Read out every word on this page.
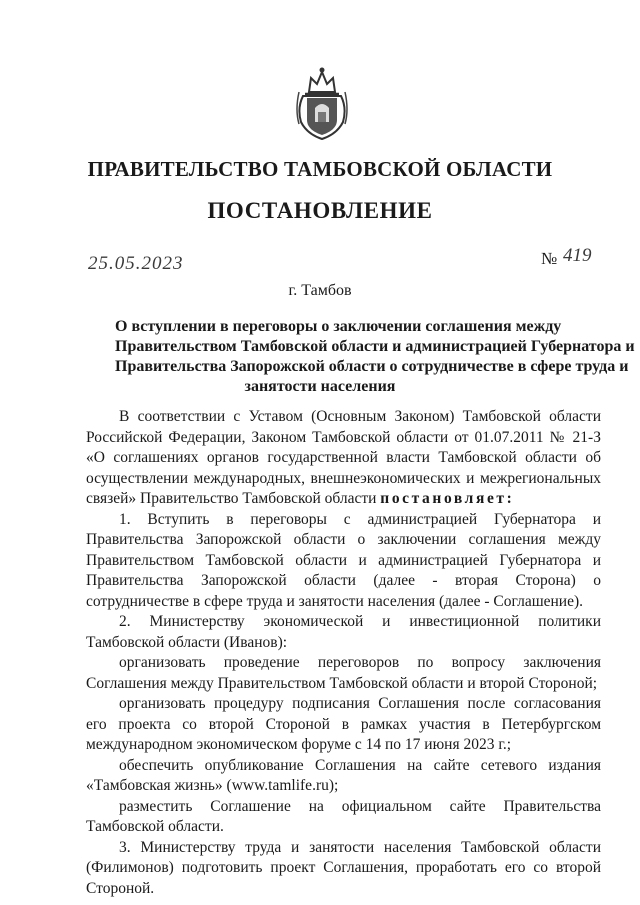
ПРАВИТЕЛЬСТВО ТАМБОВСКОЙ ОБЛАСТИ
ПОСТАНОВЛЕНИЕ
25.05.2023	№ 419
г. Тамбов
О вступлении в переговоры о заключении соглашения между
Правительством Тамбовской области и администрацией Губернатора и
Правительства Запорожской области о сотрудничестве в сфере труда и
занятости населения

В соответствии с Уставом (Основным Законом) Тамбовской области Российской Федерации, Законом Тамбовской области от 01.07.2011 № 21-З «О соглашениях органов государственной власти Тамбовской области об осуществлении международных, внешнеэкономических и межрегиональных связей» Правительство Тамбовской области постановляет:

1. Вступить в переговоры с администрацией Губернатора и Правительства Запорожской области о заключении соглашения между Правительством Тамбовской области и администрацией Губернатора и Правительства Запорожской области (далее - вторая Сторона) о сотрудничестве в сфере труда и занятости населения (далее - Соглашение).

2. Министерству экономической и инвестиционной политики Тамбовской области (Иванов):

организовать проведение переговоров по вопросу заключения Соглашения между Правительством Тамбовской области и второй Стороной;

организовать процедуру подписания Соглашения после согласования его проекта со второй Стороной в рамках участия в Петербургском международном экономическом форуме с 14 по 17 июня 2023 г.;

обеспечить опубликование Соглашения на сайте сетевого издания «Тамбовская жизнь» (www.tamlife.ru);

разместить Соглашение на официальном сайте Правительства Тамбовской области.

3. Министерству труда и занятости населения Тамбовской области (Филимонов) подготовить проект Соглашения, проработать его со второй Стороной.
